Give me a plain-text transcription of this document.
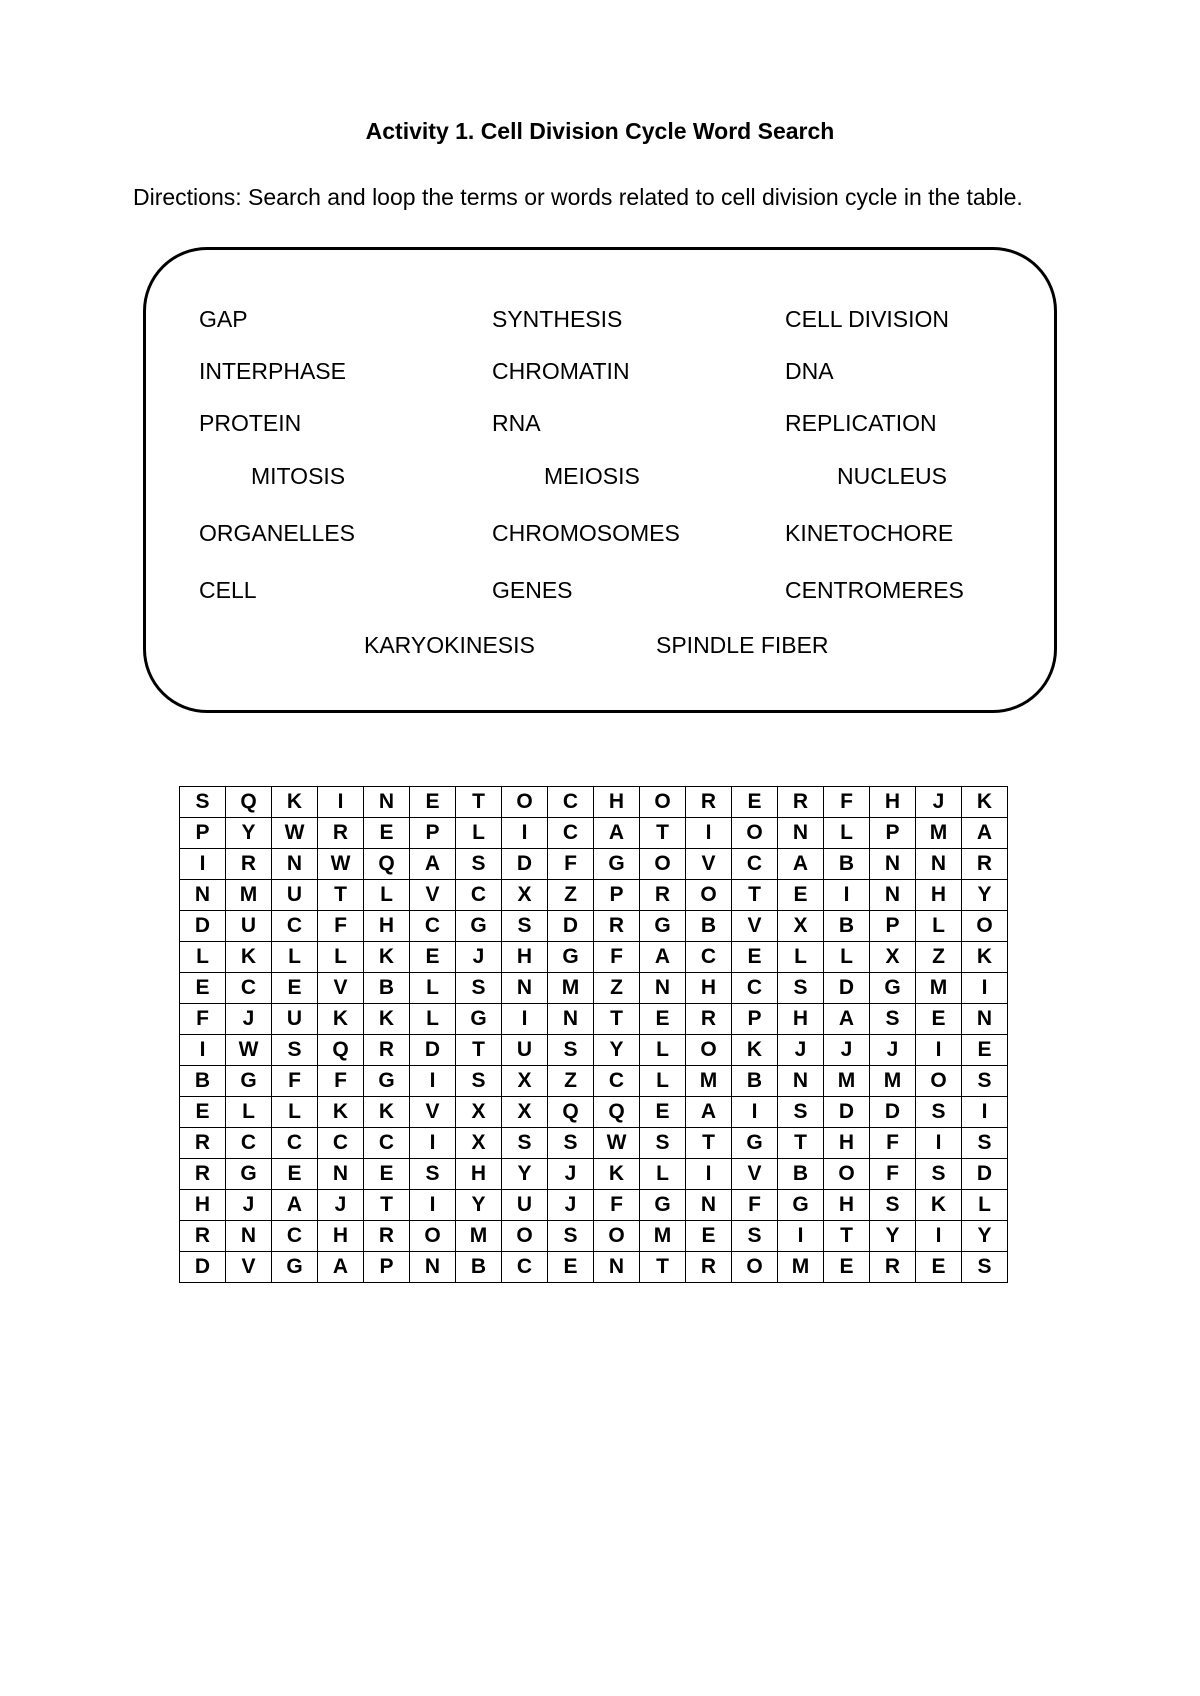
Activity 1. Cell Division Cycle Word Search
Directions: Search and loop the terms or words related to cell division cycle in the table.
GAP	SYNTHESIS	CELL DIVISION
INTERPHASE	CHROMATIN	DNA
PROTEIN	RNA	REPLICATION
MITOSIS	MEIOSIS	NUCLEUS
ORGANELLES	CHROMOSOMES	KINETOCHORE
CELL	GENES	CENTROMERES
KARYOKINESIS	SPINDLE FIBER
S	Q	K	I	N	E	T	O	C	H	O	R	E	R	F	H	J	K
P	Y	W	R	E	P	L	I	C	A	T	I	O	N	L	P	M	A
I	R	N	W	Q	A	S	D	F	G	O	V	C	A	B	N	N	R
N	M	U	T	L	V	C	X	Z	P	R	O	T	E	I	N	H	Y
D	U	C	F	H	C	G	S	D	R	G	B	V	X	B	P	L	O
L	K	L	L	K	E	J	H	G	F	A	C	E	L	L	X	Z	K
E	C	E	V	B	L	S	N	M	Z	N	H	C	S	D	G	M	I
F	J	U	K	K	L	G	I	N	T	E	R	P	H	A	S	E	N
I	W	S	Q	R	D	T	U	S	Y	L	O	K	J	J	J	I	E
B	G	F	F	G	I	S	X	Z	C	L	M	B	N	M	M	O	S
E	L	L	K	K	V	X	X	Q	Q	E	A	I	S	D	D	S	I
R	C	C	C	C	I	X	S	S	W	S	T	G	T	H	F	I	S
R	G	E	N	E	S	H	Y	J	K	L	I	V	B	O	F	S	D
H	J	A	J	T	I	Y	U	J	F	G	N	F	G	H	S	K	L
R	N	C	H	R	O	M	O	S	O	M	E	S	I	T	Y	I	Y
D	V	G	A	P	N	B	C	E	N	T	R	O	M	E	R	E	S
